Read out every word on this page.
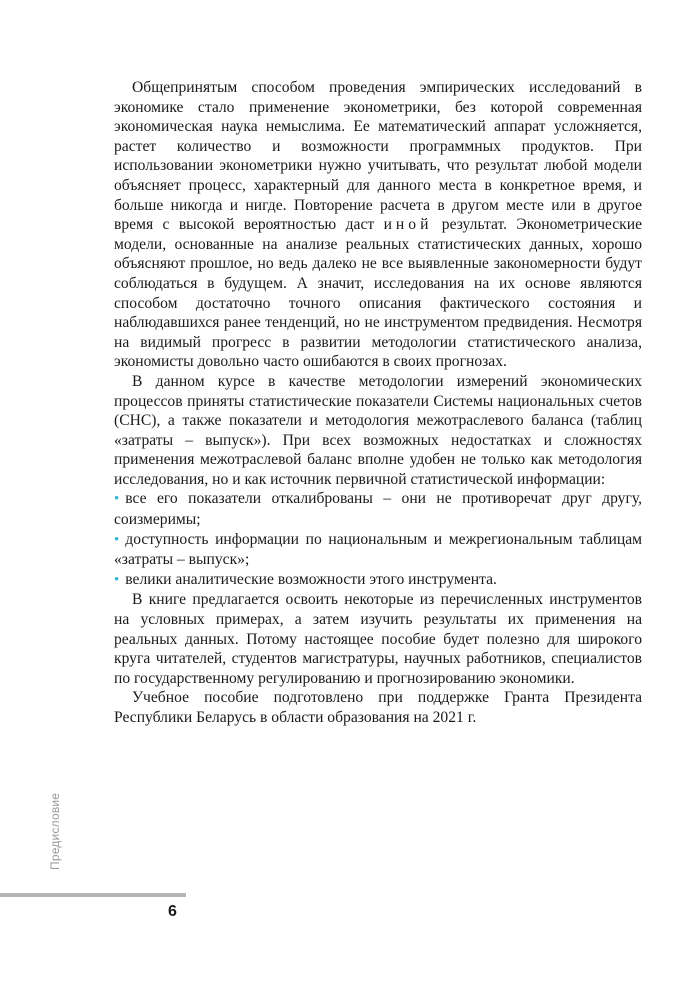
Общепринятым способом проведения эмпирических исследований в экономике стало применение эконометрики, без которой современная экономическая наука немыслима. Ее математический аппарат усложняется, растет количество и возможности программных продуктов. При использовании эконометрики нужно учитывать, что результат любой модели объясняет процесс, характерный для данного места в конкретное время, и больше никогда и нигде. Повторение расчета в другом месте или в другое время с высокой вероятностью даст иной результат. Эконометрические модели, основанные на анализе реальных статистических данных, хорошо объясняют прошлое, но ведь далеко не все выявленные закономерности будут соблюдаться в будущем. А значит, исследования на их основе являются способом достаточно точного описания фактического состояния и наблюдавшихся ранее тенденций, но не инструментом предвидения. Несмотря на видимый прогресс в развитии методологии статистического анализа, экономисты довольно часто ошибаются в своих прогнозах.

В данном курсе в качестве методологии измерений экономических процессов приняты статистические показатели Системы национальных счетов (СНС), а также показатели и методология межотраслевого баланса (таблиц «затраты – выпуск»). При всех возможных недостатках и сложностях применения межотраслевой баланс вполне удобен не только как методология исследования, но и как источник первичной статистической информации:

• все его показатели откалиброваны – они не противоречат друг другу, соизмеримы;

• доступность информации по национальным и межрегиональным таблицам «затраты – выпуск»;

• велики аналитические возможности этого инструмента.

В книге предлагается освоить некоторые из перечисленных инструментов на условных примерах, а затем изучить результаты их применения на реальных данных. Потому настоящее пособие будет полезно для широкого круга читателей, студентов магистратуры, научных работников, специалистов по государственному регулированию и прогнозированию экономики.

Учебное пособие подготовлено при поддержке Гранта Президента Республики Беларусь в области образования на 2021 г.

Предисловие
6
